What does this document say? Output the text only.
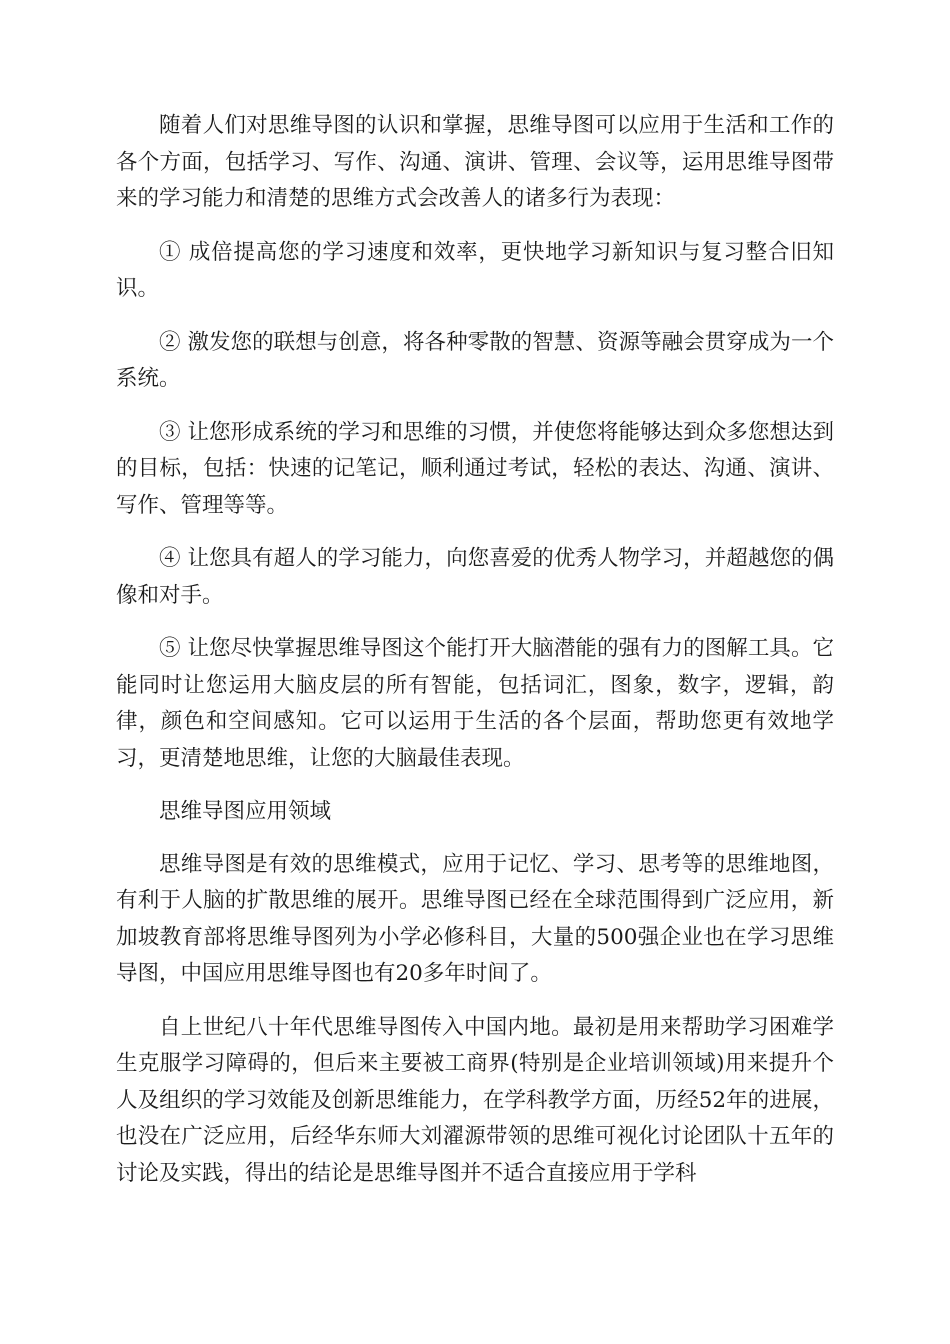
随着人们对思维导图的认识和掌握，思维导图可以应用于生活和工作的各个方面，包括学习、写作、沟通、演讲、管理、会议等，运用思维导图带来的学习能力和清楚的思维方式会改善人的诸多行为表现：

① 成倍提高您的学习速度和效率，更快地学习新知识与复习整合旧知识。

② 激发您的联想与创意，将各种零散的智慧、资源等融会贯穿成为一个系统。

③ 让您形成系统的学习和思维的习惯，并使您将能够达到众多您想达到的目标，包括：快速的记笔记，顺利通过考试，轻松的表达、沟通、演讲、写作、管理等等。

④ 让您具有超人的学习能力，向您喜爱的优秀人物学习，并超越您的偶像和对手。

⑤ 让您尽快掌握思维导图这个能打开大脑潜能的强有力的图解工具。它能同时让您运用大脑皮层的所有智能，包括词汇，图象，数字，逻辑，韵律，颜色和空间感知。它可以运用于生活的各个层面，帮助您更有效地学习，更清楚地思维，让您的大脑最佳表现。

思维导图应用领域

思维导图是有效的思维模式，应用于记忆、学习、思考等的思维地图，有利于人脑的扩散思维的展开。思维导图已经在全球范围得到广泛应用，新加坡教育部将思维导图列为小学必修科目，大量的500强企业也在学习思维导图，中国应用思维导图也有20多年时间了。

自上世纪八十年代思维导图传入中国内地。最初是用来帮助学习困难学生克服学习障碍的，但后来主要被工商界(特别是企业培训领域)用来提升个人及组织的学习效能及创新思维能力，在学科教学方面，历经52年的进展，也没在广泛应用，后经华东师大刘濯源带领的思维可视化讨论团队十五年的讨论及实践，得出的结论是思维导图并不适合直接应用于学科
